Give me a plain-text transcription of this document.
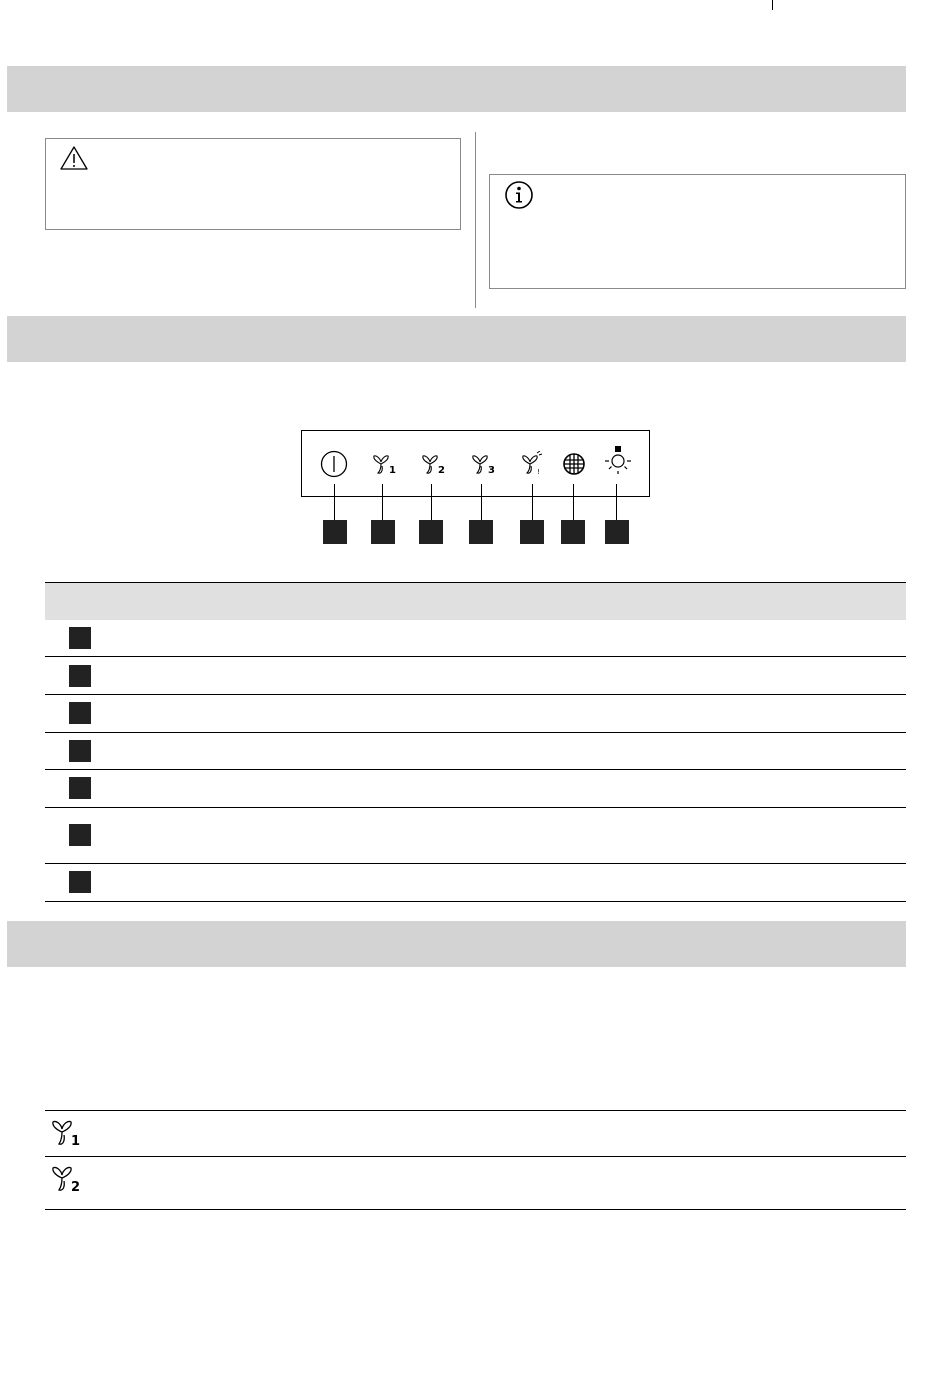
1	2	3	!
1
2
